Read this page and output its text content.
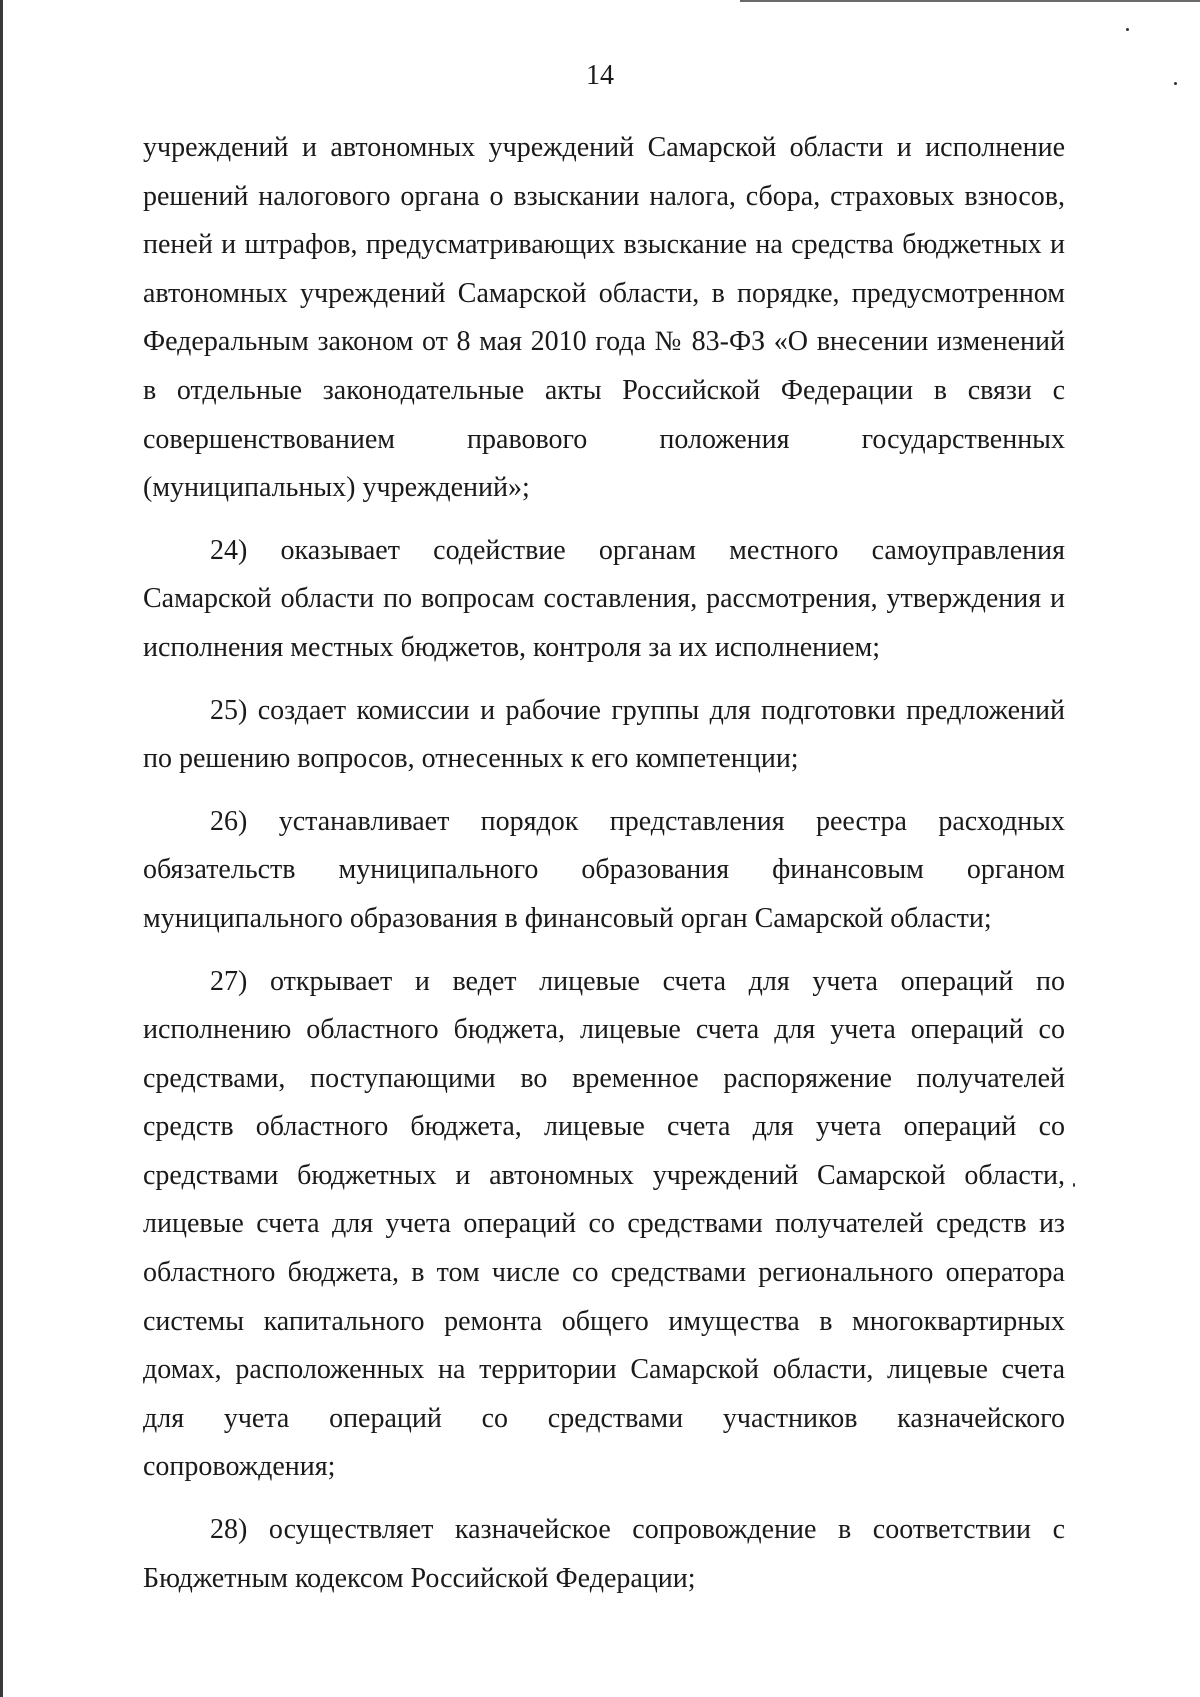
14

учреждений и автономных учреждений Самарской области и исполнение решений налогового органа о взыскании налога, сбора, страховых взносов, пеней и штрафов, предусматривающих взыскание на средства бюджетных и автономных учреждений Самарской области, в порядке, предусмотренном Федеральным законом от 8 мая 2010 года № 83-ФЗ «О внесении изменений в отдельные законодательные акты Российской Федерации в связи с совершенствованием правового положения государственных (муниципальных) учреждений»;

24) оказывает содействие органам местного самоуправления Самарской области по вопросам составления, рассмотрения, утверждения и исполнения местных бюджетов, контроля за их исполнением;

25) создает комиссии и рабочие группы для подготовки предложений по решению вопросов, отнесенных к его компетенции;

26) устанавливает порядок представления реестра расходных обязательств муниципального образования финансовым органом муниципального образования в финансовый орган Самарской области;

27) открывает и ведет лицевые счета для учета операций по исполнению областного бюджета, лицевые счета для учета операций со средствами, поступающими во временное распоряжение получателей средств областного бюджета, лицевые счета для учета операций со средствами бюджетных и автономных учреждений Самарской области, лицевые счета для учета операций со средствами получателей средств из областного бюджета, в том числе со средствами регионального оператора системы капитального ремонта общего имущества в многоквартирных домах, расположенных на территории Самарской области, лицевые счета для учета операций со средствами участников казначейского сопровождения;

28) осуществляет казначейское сопровождение в соответствии с Бюджетным кодексом Российской Федерации;
